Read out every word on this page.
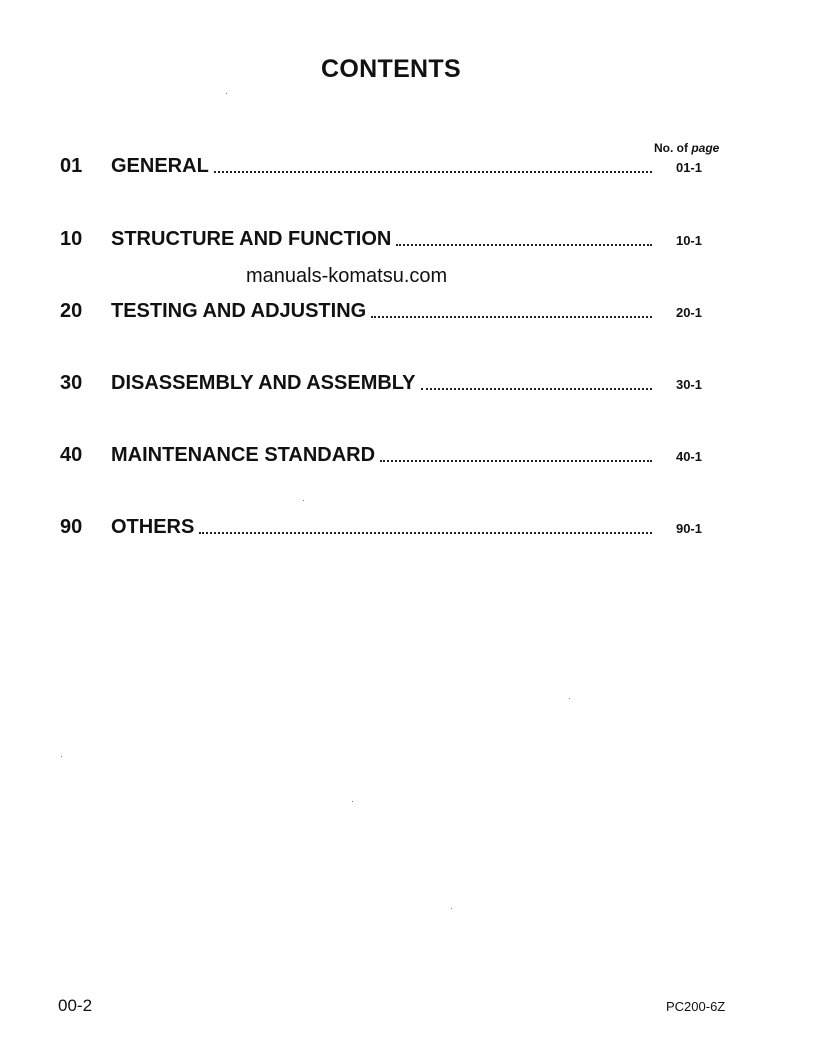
CONTENTS
No. of page
01	GENERAL	01-1
10	STRUCTURE AND FUNCTION	10-1
manuals-komatsu.com
20	TESTING AND ADJUSTING	20-1
30	DISASSEMBLY AND ASSEMBLY	30-1
40	MAINTENANCE STANDARD	40-1
90	OTHERS	90-1
00-2	PC200-6Z
